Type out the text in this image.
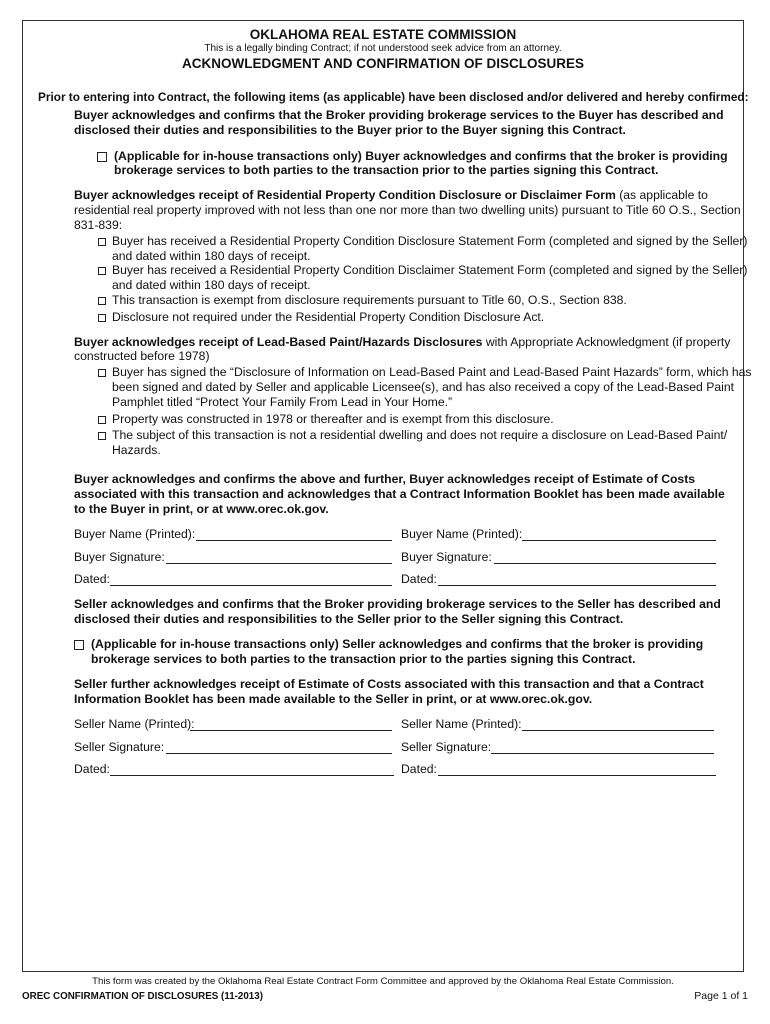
OKLAHOMA REAL ESTATE COMMISSION
This is a legally binding Contract; if not understood seek advice from an attorney.
ACKNOWLEDGMENT AND CONFIRMATION OF DISCLOSURES
Prior to entering into Contract, the following items (as applicable) have been disclosed and/or delivered and hereby confirmed:
Buyer acknowledges and confirms that the Broker providing brokerage services to the Buyer has described and
disclosed their duties and responsibilities to the Buyer prior to the Buyer signing this Contract.
(Applicable for in-house transactions only) Buyer acknowledges and confirms that the broker is providing
brokerage services to both parties to the transaction prior to the parties signing this Contract.
Buyer acknowledges receipt of Residential Property Condition Disclosure or Disclaimer Form (as applicable to
residential real property improved with not less than one nor more than two dwelling units) pursuant to Title 60 O.S., Section
831-839:
Buyer has received a Residential Property Condition Disclosure Statement Form (completed and signed by the Seller)
and dated within 180 days of receipt.
Buyer has received a Residential Property Condition Disclaimer Statement Form (completed and signed by the Seller)
and dated within 180 days of receipt.
This transaction is exempt from disclosure requirements pursuant to Title 60, O.S., Section 838.
Disclosure not required under the Residential Property Condition Disclosure Act.
Buyer acknowledges receipt of Lead-Based Paint/Hazards Disclosures with Appropriate Acknowledgment (if property
constructed before 1978)
Buyer has signed the “Disclosure of Information on Lead-Based Paint and Lead-Based Paint Hazards” form, which has
been signed and dated by Seller and applicable Licensee(s), and has also received a copy of the Lead-Based Paint
Pamphlet titled “Protect Your Family From Lead in Your Home.”
Property was constructed in 1978 or thereafter and is exempt from this disclosure.
The subject of this transaction is not a residential dwelling and does not require a disclosure on Lead-Based Paint/
Hazards.
Buyer acknowledges and confirms the above and further, Buyer acknowledges receipt of Estimate of Costs
associated with this transaction and acknowledges that a Contract Information Booklet has been made available
to the Buyer in print, or at www.orec.ok.gov.
Buyer Name (Printed):	Buyer Name (Printed):
Buyer Signature:	Buyer Signature:
Dated:	Dated:
Seller acknowledges and confirms that the Broker providing brokerage services to the Seller has described and
disclosed their duties and responsibilities to the Seller prior to the Seller signing this Contract.
(Applicable for in-house transactions only) Seller acknowledges and confirms that the broker is providing
brokerage services to both parties to the transaction prior to the parties signing this Contract.
Seller further acknowledges receipt of Estimate of Costs associated with this transaction and that a Contract
Information Booklet has been made available to the Seller in print, or at www.orec.ok.gov.
Seller Name (Printed):	Seller Name (Printed):
Seller Signature:	Seller Signature:
Dated:	Dated:
This form was created by the Oklahoma Real Estate Contract Form Committee and approved by the Oklahoma Real Estate Commission.
OREC CONFIRMATION OF DISCLOSURES (11-2013)	Page 1 of 1
